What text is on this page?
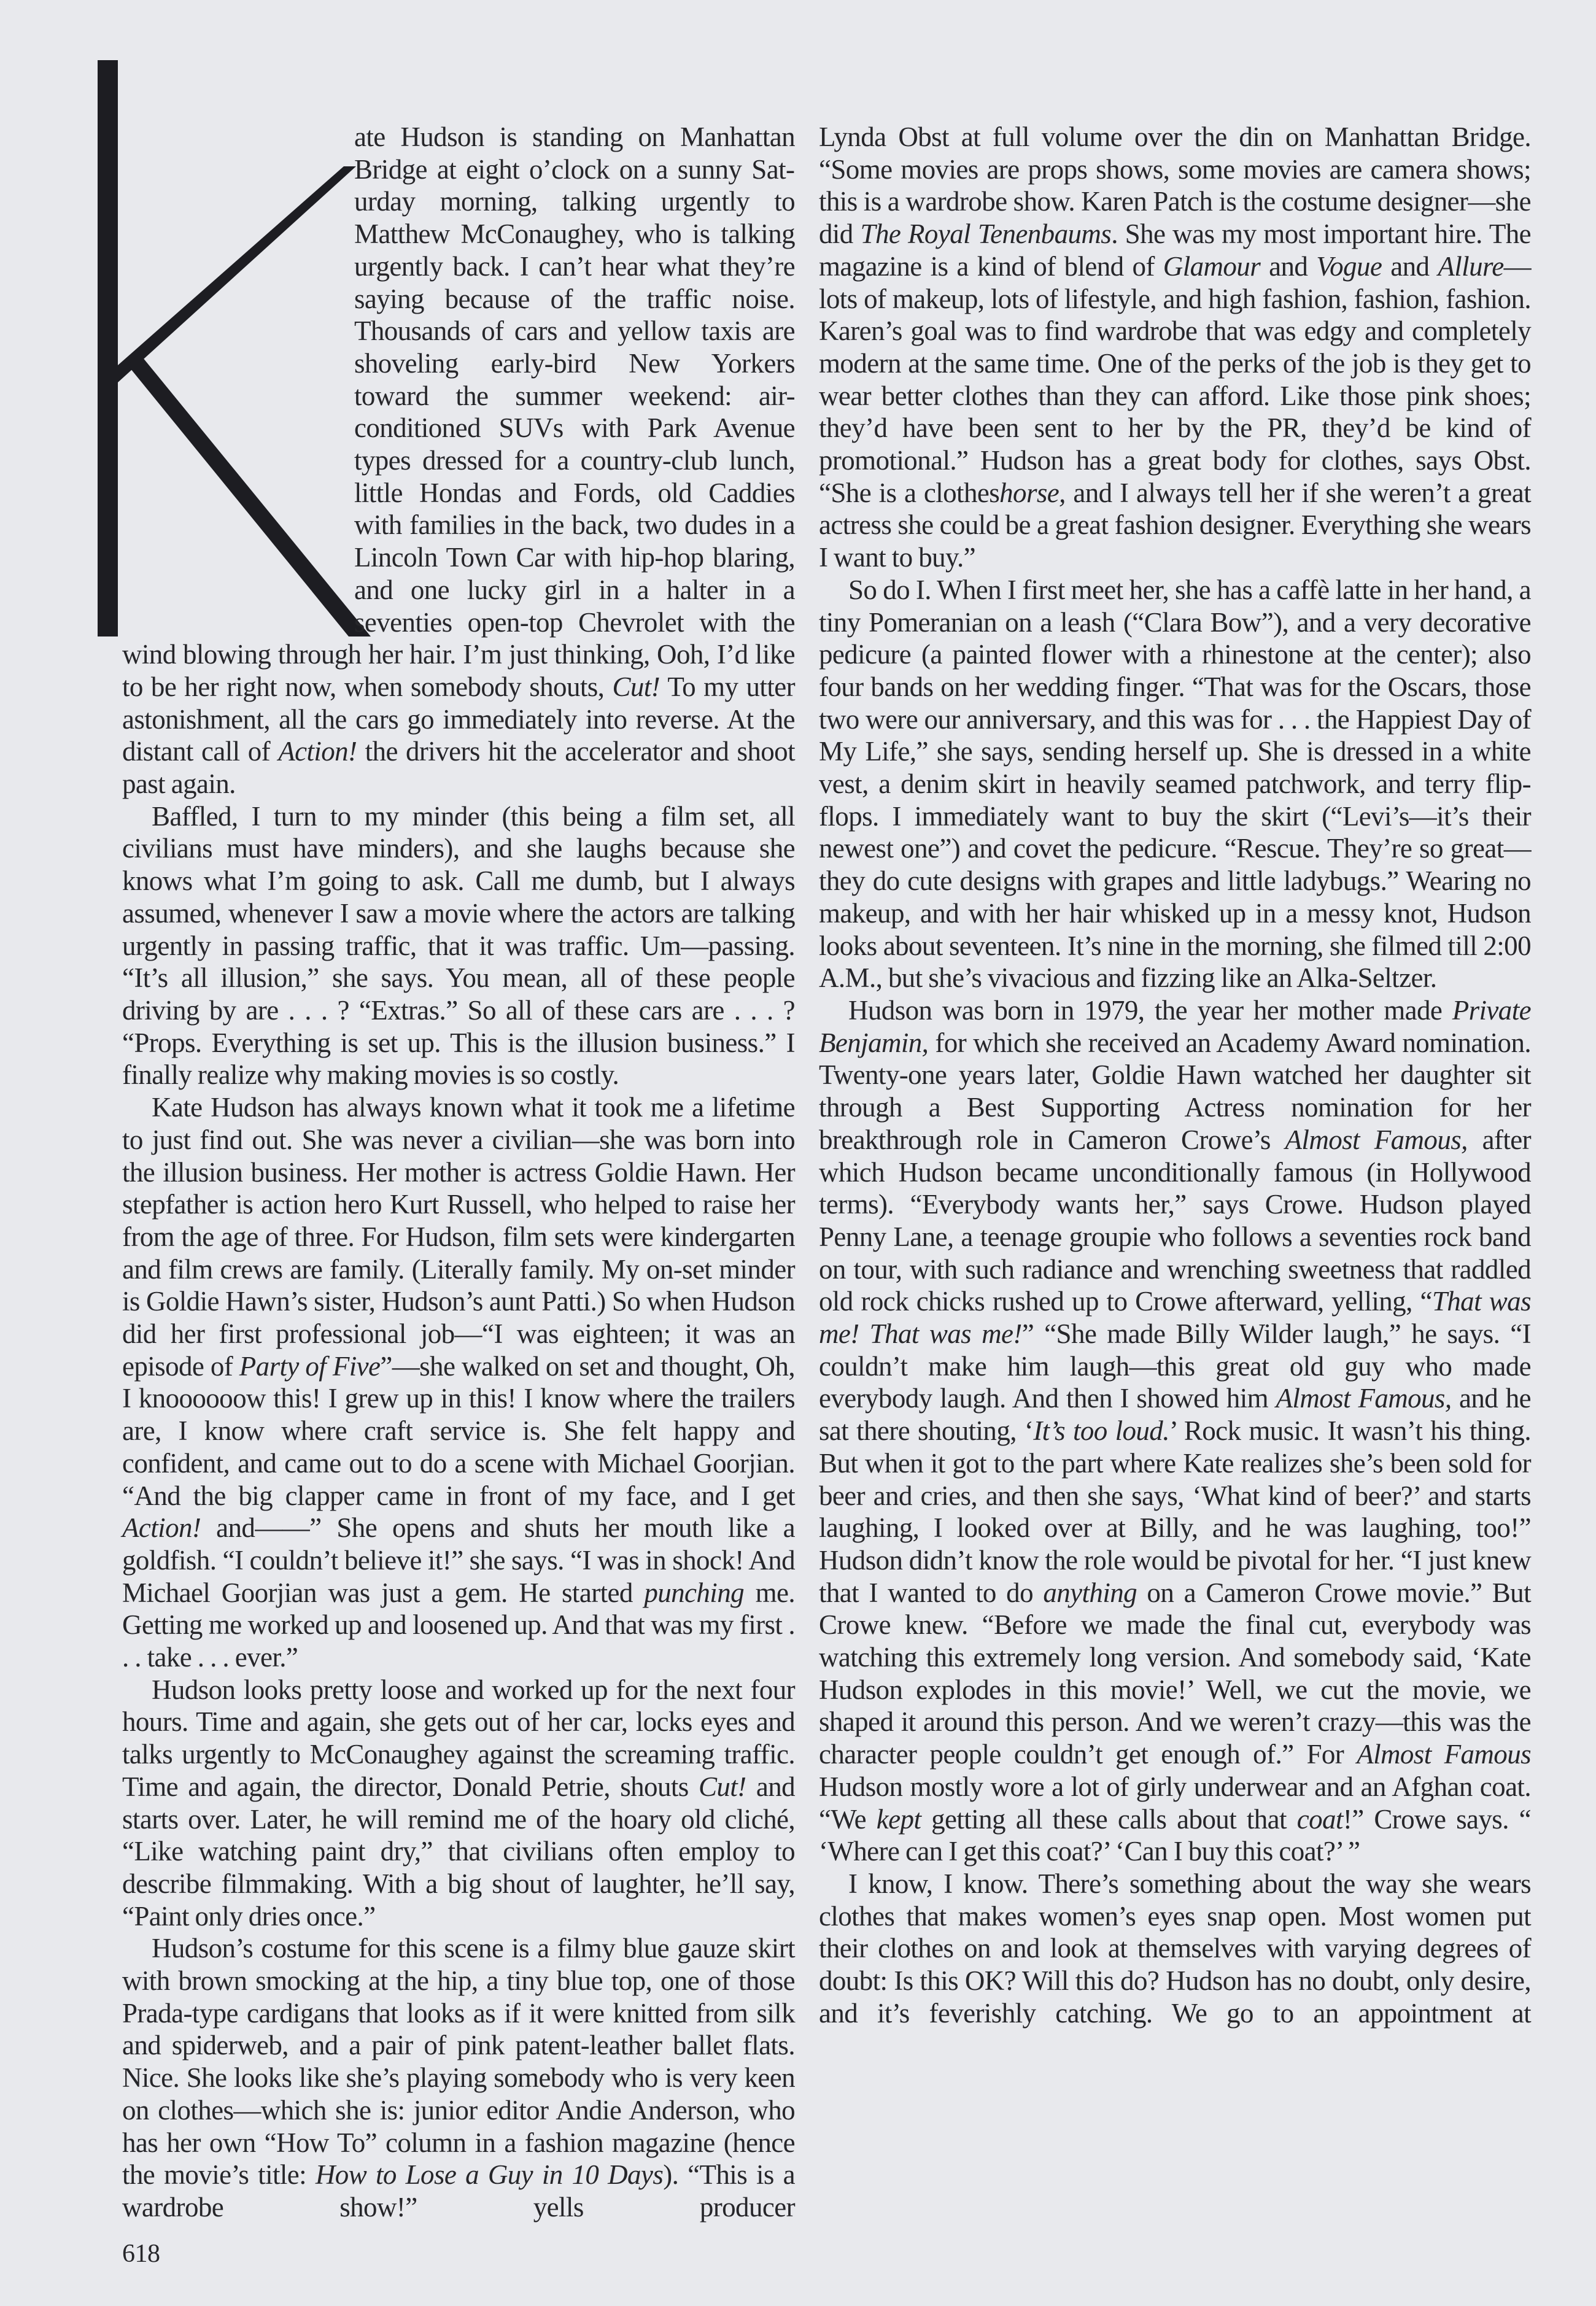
ate Hudson is standing on Manhattan Bridge at eight o’clock on a sunny Saturday morning, talking urgently to Matthew McConaughey, who is talking urgently back. I can’t hear what they’re saying because of the traffic noise. Thousands of cars and yellow taxis are shoveling early-bird New Yorkers toward the summer weekend: air-conditioned SUVs with Park Avenue types dressed for a country-club lunch, little Hondas and Fords, old Caddies with families in the back, two dudes in a Lincoln Town Car with hip-hop blaring, and one lucky girl in a halter in a seventies open-top Chevrolet with the wind blowing through her hair. I’m just thinking, Ooh, I’d like to be her right now, when somebody shouts, Cut! To my utter astonishment, all the cars go immediately into reverse. At the distant call of Action! the drivers hit the accelerator and shoot past again.

Baffled, I turn to my minder (this being a film set, all civilians must have minders), and she laughs because she knows what I’m going to ask. Call me dumb, but I always assumed, whenever I saw a movie where the actors are talking urgently in passing traffic, that it was traffic. Um—passing. “It’s all illusion,” she says. You mean, all of these people driving by are . . . ? “Extras.” So all of these cars are . . . ? “Props. Everything is set up. This is the illusion business.” I finally realize why making movies is so costly.

Kate Hudson has always known what it took me a lifetime to just find out. She was never a civilian—she was born into the illusion business. Her mother is actress Goldie Hawn. Her stepfather is action hero Kurt Russell, who helped to raise her from the age of three. For Hudson, film sets were kindergarten and film crews are family. (Literally family. My on-set minder is Goldie Hawn’s sister, Hudson’s aunt Patti.) So when Hudson did her first professional job—“I was eighteen; it was an episode of Party of Five”—she walked on set and thought, Oh, I knoooooow this! I grew up in this! I know where the trailers are, I know where craft service is. She felt happy and confident, and came out to do a scene with Michael Goorjian. “And the big clapper came in front of my face, and I get Action! and——” She opens and shuts her mouth like a goldfish. “I couldn’t believe it!” she says. “I was in shock! And Michael Goorjian was just a gem. He started punching me. Getting me worked up and loosened up. And that was my first . . . take . . . ever.”

Hudson looks pretty loose and worked up for the next four hours. Time and again, she gets out of her car, locks eyes and talks urgently to McConaughey against the screaming traffic. Time and again, the director, Donald Petrie, shouts Cut! and starts over. Later, he will remind me of the hoary old cliché, “Like watching paint dry,” that civilians often employ to describe filmmaking. With a big shout of laughter, he’ll say, “Paint only dries once.”

Hudson’s costume for this scene is a filmy blue gauze skirt with brown smocking at the hip, a tiny blue top, one of those Prada-type cardigans that looks as if it were knitted from silk and spiderweb, and a pair of pink patent-leather ballet flats. Nice. She looks like she’s playing somebody who is very keen on clothes—which she is: junior editor Andie Anderson, who has her own “How To” column in a fashion magazine (hence the movie’s title: How to Lose a Guy in 10 Days). “This is a wardrobe show!” yells producer

618

Lynda Obst at full volume over the din on Manhattan Bridge. “Some movies are props shows, some movies are camera shows; this is a wardrobe show. Karen Patch is the costume designer—she did The Royal Tenenbaums. She was my most important hire. The magazine is a kind of blend of Glamour and Vogue and Allure—lots of makeup, lots of lifestyle, and high fashion, fashion, fashion. Karen’s goal was to find wardrobe that was edgy and completely modern at the same time. One of the perks of the job is they get to wear better clothes than they can afford. Like those pink shoes; they’d have been sent to her by the PR, they’d be kind of promotional.” Hudson has a great body for clothes, says Obst. “She is a clotheshorse, and I always tell her if she weren’t a great actress she could be a great fashion designer. Everything she wears I want to buy.”

So do I. When I first meet her, she has a caffè latte in her hand, a tiny Pomeranian on a leash (“Clara Bow”), and a very decorative pedicure (a painted flower with a rhinestone at the center); also four bands on her wedding finger. “That was for the Oscars, those two were our anniversary, and this was for . . . the Happiest Day of My Life,” she says, sending herself up. She is dressed in a white vest, a denim skirt in heavily seamed patchwork, and terry flip-flops. I immediately want to buy the skirt (“Levi’s—it’s their newest one”) and covet the pedicure. “Rescue. They’re so great—they do cute designs with grapes and little ladybugs.” Wearing no makeup, and with her hair whisked up in a messy knot, Hudson looks about seventeen. It’s nine in the morning, she filmed till 2:00 A.M., but she’s vivacious and fizzing like an Alka-Seltzer.

Hudson was born in 1979, the year her mother made Private Benjamin, for which she received an Academy Award nomination. Twenty-one years later, Goldie Hawn watched her daughter sit through a Best Supporting Actress nomination for her breakthrough role in Cameron Crowe’s Almost Famous, after which Hudson became unconditionally famous (in Hollywood terms). “Everybody wants her,” says Crowe. Hudson played Penny Lane, a teenage groupie who follows a seventies rock band on tour, with such radiance and wrenching sweetness that raddled old rock chicks rushed up to Crowe afterward, yelling, “That was me! That was me!” “She made Billy Wilder laugh,” he says. “I couldn’t make him laugh—this great old guy who made everybody laugh. And then I showed him Almost Famous, and he sat there shouting, ‘It’s too loud.’ Rock music. It wasn’t his thing. But when it got to the part where Kate realizes she’s been sold for beer and cries, and then she says, ‘What kind of beer?’ and starts laughing, I looked over at Billy, and he was laughing, too!” Hudson didn’t know the role would be pivotal for her. “I just knew that I wanted to do anything on a Cameron Crowe movie.” But Crowe knew. “Before we made the final cut, everybody was watching this extremely long version. And somebody said, ‘Kate Hudson explodes in this movie!’ Well, we cut the movie, we shaped it around this person. And we weren’t crazy—this was the character people couldn’t get enough of.” For Almost Famous Hudson mostly wore a lot of girly underwear and an Afghan coat. “We kept getting all these calls about that coat!” Crowe says. “ ‘Where can I get this coat?’ ‘Can I buy this coat?’ ”

I know, I know. There’s something about the way she wears clothes that makes women’s eyes snap open. Most women put their clothes on and look at themselves with varying degrees of doubt: Is this OK? Will this do? Hudson has no doubt, only desire, and it’s feverishly catching. We go to an appointment at
